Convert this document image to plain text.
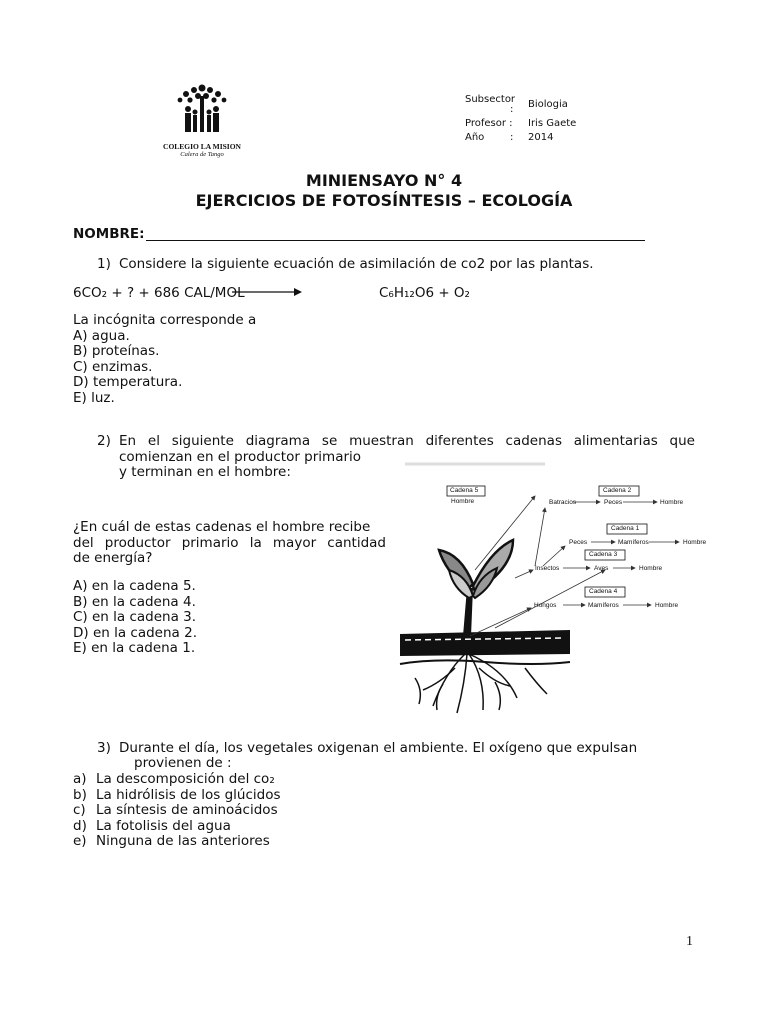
COLEGIO LA MISION
Calera de Tango
Subsector
: Biologia
Profesor : Iris Gaete
Año	: 2014
MINIENSAYO N° 4
EJERCICIOS DE FOTOSÍNTESIS – ECOLOGÍA
NOMBRE:
1) Considere la siguiente ecuación de asimilación de co2 por las plantas.
6CO₂ + ? + 686 CAL/MOL	C₆H₁₂O6 + O₂
La incógnita corresponde a
A) agua.
B) proteínas.
C) enzimas.
D) temperatura.
E) luz.
2) En el siguiente diagrama se muestran diferentes cadenas alimentarias que
comienzan en el productor primario
y terminan en el hombre:
¿En cuál de estas cadenas el hombre recibe
del productor primario la mayor cantidad
de energía?
A) en la cadena 5.
B) en la cadena 4.
C) en la cadena 3.
D) en la cadena 2.
E) en la cadena 1.
Cadena 5
Hombre
Cadena 2
Batracios	Peces	Hombre
Cadena 1
Peces	Mamíferos	Hombre
Cadena 3
Insectos	Aves	Hombre
Cadena 4
Hongos	Mamíferos	Hombre
3) Durante el día, los vegetales oxigenan el ambiente. El oxígeno que expulsan
provienen de :
a) La descomposición del co₂
b) La hidrólisis de los glúcidos
c) La síntesis de aminoácidos
d) La fotolisis del agua
e) Ninguna de las anteriores
1
